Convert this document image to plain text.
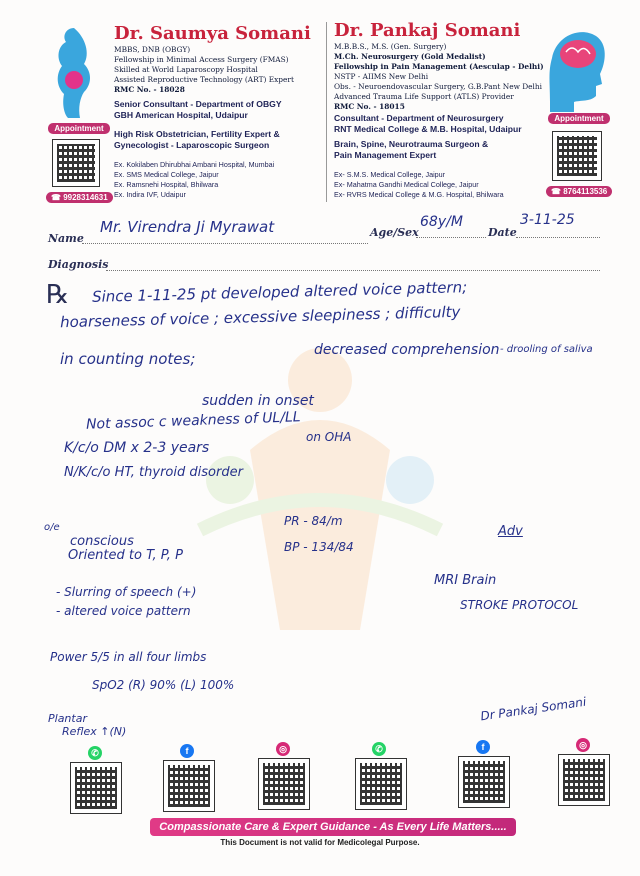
Appointment
☎ 9928314631
Dr. Saumya Somani
MBBS, DNB (OBGY)
Fellowship in Minimal Access Surgery (FMAS)
Skilled at World Laparoscopy Hospital
Assisted Reproductive Technology (ART) Expert
RMC No. - 18028
Senior Consultant - Department of OBGY
GBH American Hospital, Udaipur
High Risk Obstetrician, Fertility Expert &
Gynecologist - Laparoscopic Surgeon
Ex. Kokilaben Dhirubhai Ambani Hospital, Mumbai
Ex. SMS Medical College, Jaipur
Ex. Ramsnehi Hospital, Bhilwara
Ex. Indira IVF, Udaipur
Dr. Pankaj Somani
M.B.B.S., M.S. (Gen. Surgery)
M.Ch. Neurosurgery (Gold Medalist)
Fellowship in Pain Management (Aesculap - Delhi)
NSTP - AIIMS New Delhi
Obs. - Neuroendovascular Surgery, G.B.Pant New Delhi
Advanced Trauma Life Support (ATLS) Provider
RMC No. - 18015
Consultant - Department of Neurosurgery
RNT Medical College & M.B. Hospital, Udaipur
Brain, Spine, Neurotrauma Surgeon &
Pain Management Expert
Ex- S.M.S. Medical College, Jaipur
Ex- Mahatma Gandhi Medical College, Jaipur
Ex- RVRS Medical College & M.G. Hospital, Bhilwara
Appointment
☎ 8764113536
Name
Mr. Virendra Ji Myrawat	Age/Sex
68y/M
Date
3-11-25
Diagnosis
℞ Since 1-11-25 pt developed altered voice pattern;
hoarseness of voice ; excessive sleepiness ; difficulty
in counting notes;	decreased comprehension - drooling of saliva
sudden in onset
Not assoc c weakness of UL/LL
K/c/o DM x 2-3 years
on OHA
N/K/c/o HT, thyroid disorder
o/e
conscious
Oriented to T, P, P
PR - 84/m
BP - 134/84
Adv
MRI Brain
STROKE PROTOCOL
- Slurring of speech (+)
- altered voice pattern
Power 5/5 in all four limbs
SpO2 (R) 90% (L) 100%
Plantar
Reflex ↑(N)
Dr Pankaj Somani
✆	f	◎	✆	f	◎
Compassionate Care & Expert Guidance - As Every Life Matters.....
This Document is not valid for Medicolegal Purpose.
